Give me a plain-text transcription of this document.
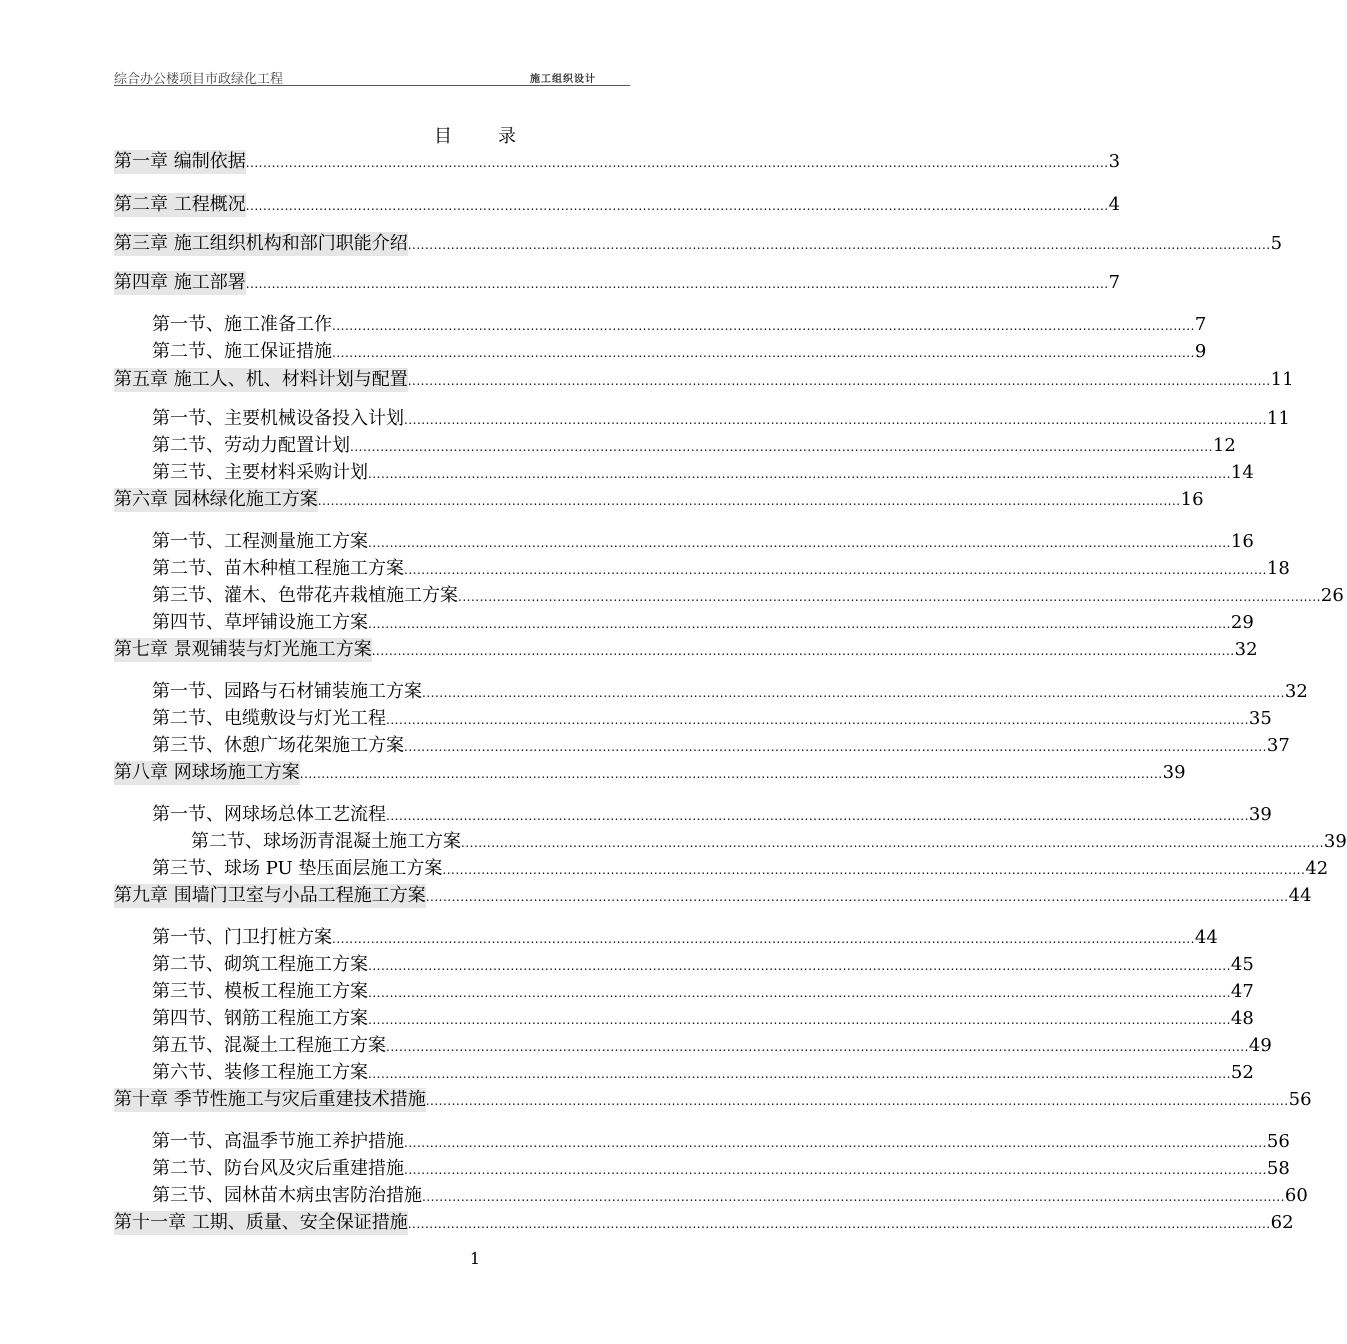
综合办公楼项目市政绿化工程	施工组织设计
目	录
第一章 编制依据 ........................................................................................................................................................................................................ 3
第二章 工程概况 ........................................................................................................................................................................................................ 4
第三章 施工组织机构和部门职能介绍 ........................................................................................................................................................................................................ 5
第四章 施工部署 ........................................................................................................................................................................................................ 7
第一节、施工准备工作 ........................................................................................................................................................................................................ 7
第二节、施工保证措施 ........................................................................................................................................................................................................ 9
第五章 施工人、机、材料计划与配置 ........................................................................................................................................................................................................ 11
第一节、主要机械设备投入计划 ........................................................................................................................................................................................................ 11
第二节、劳动力配置计划 ........................................................................................................................................................................................................ 12
第三节、主要材料采购计划 ........................................................................................................................................................................................................ 14
第六章 园林绿化施工方案 ........................................................................................................................................................................................................ 16
第一节、工程测量施工方案 ........................................................................................................................................................................................................ 16
第二节、苗木种植工程施工方案 ........................................................................................................................................................................................................ 18
第三节、灌木、色带花卉栽植施工方案 ........................................................................................................................................................................................................ 26
第四节、草坪铺设施工方案 ........................................................................................................................................................................................................ 29
第七章 景观铺装与灯光施工方案 ........................................................................................................................................................................................................ 32
第一节、园路与石材铺装施工方案 ........................................................................................................................................................................................................ 32
第二节、电缆敷设与灯光工程 ........................................................................................................................................................................................................ 35
第三节、休憩广场花架施工方案 ........................................................................................................................................................................................................ 37
第八章 网球场施工方案 ........................................................................................................................................................................................................ 39
第一节、网球场总体工艺流程 ........................................................................................................................................................................................................ 39
第二节、球场沥青混凝土施工方案 ........................................................................................................................................................................................................ 39
第三节、球场 PU 垫压面层施工方案 ........................................................................................................................................................................................................ 42
第九章 围墙门卫室与小品工程施工方案 ........................................................................................................................................................................................................ 44
第一节、门卫打桩方案 ........................................................................................................................................................................................................ 44
第二节、砌筑工程施工方案 ........................................................................................................................................................................................................ 45
第三节、模板工程施工方案 ........................................................................................................................................................................................................ 47
第四节、钢筋工程施工方案 ........................................................................................................................................................................................................ 48
第五节、混凝土工程施工方案 ........................................................................................................................................................................................................ 49
第六节、装修工程施工方案 ........................................................................................................................................................................................................ 52
第十章 季节性施工与灾后重建技术措施 ........................................................................................................................................................................................................ 56
第一节、高温季节施工养护措施 ........................................................................................................................................................................................................ 56
第二节、防台风及灾后重建措施 ........................................................................................................................................................................................................ 58
第三节、园林苗木病虫害防治措施 ........................................................................................................................................................................................................ 60
第十一章 工期、质量、安全保证措施 ........................................................................................................................................................................................................ 62
1
